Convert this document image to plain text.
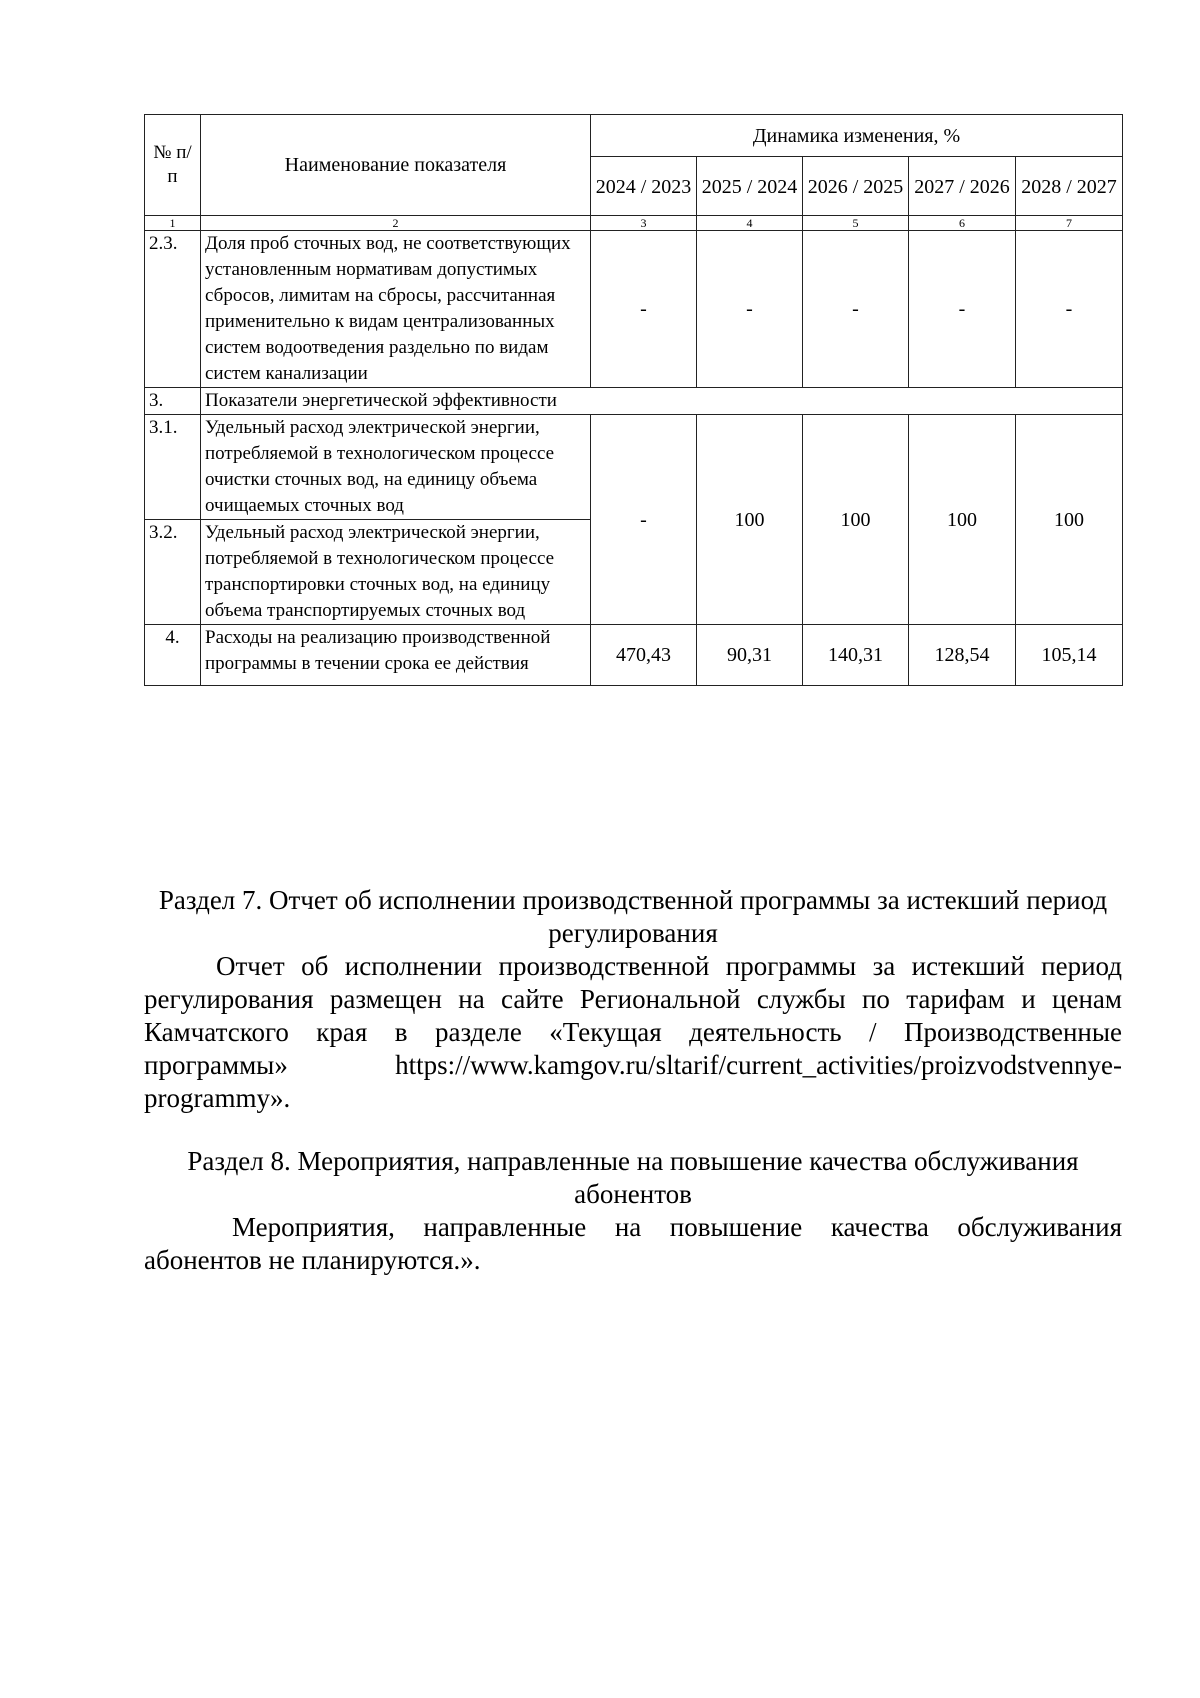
№ п/п	Наименование показателя	Динамика изменения, %				
		2024 / 2023	2025 / 2024	2026 / 2025	2027 / 2026	2028 / 2027
1	2	3	4	5	6	7
2.3.	Доля проб сточных вод, не соответствующих установленным нормативам допустимых сбросов, лимитам на сбросы, рассчитанная применительно к видам централизованных систем водоотведения раздельно по видам систем канализации	-	-	-	-	-
3.	Показатели энергетической эффективности					
3.1.	Удельный расход электрической энергии, потребляемой в технологическом процессе очистки сточных вод, на единицу объема очищаемых сточных вод	-	100	100	100	100
3.2.	Удельный расход электрической энергии, потребляемой в технологическом процессе транспортировки сточных вод, на единицу объема транспортируемых сточных вод					
4.	Расходы на реализацию производственной программы в течении срока ее действия	470,43	90,31	140,31	128,54	105,14
Раздел 7. Отчет об исполнении производственной программы за истекший период регулирования
Отчет об исполнении производственной программы за истекший период регулирования размещен на сайте Региональной службы по тарифам и ценам Камчатского края в разделе «Текущая деятельность / Производственные программы» https://www.kamgov.ru/sltarif/current_activities/proizvodstvennye-programmy».
Раздел 8. Мероприятия, направленные на повышение качества обслуживания абонентов
Мероприятия, направленные на повышение качества обслуживания абонентов не планируются.».
